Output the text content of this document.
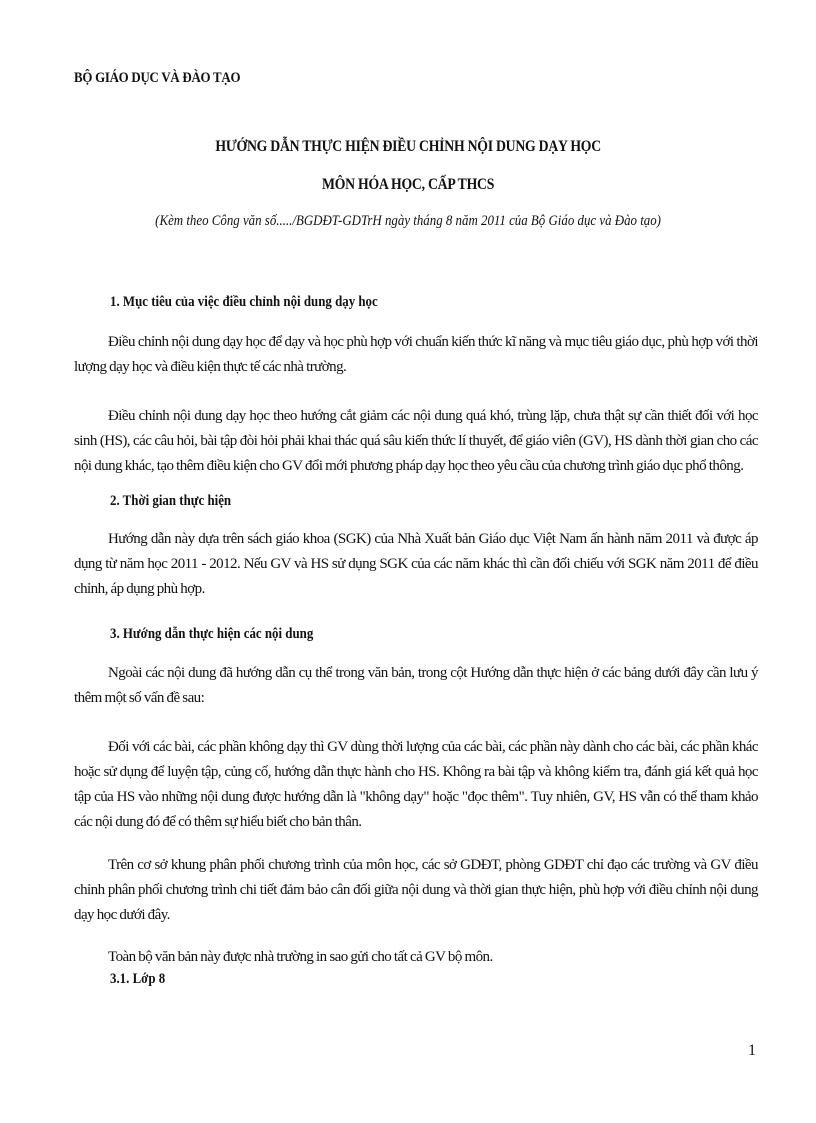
BỘ GIÁO DỤC VÀ ĐÀO TẠO
HƯỚNG DẪN THỰC HIỆN ĐIỀU CHỈNH NỘI DUNG DẠY HỌC
MÔN HÓA HỌC, CẤP THCS
(Kèm theo Công văn số...../BGDĐT-GDTrH ngày tháng 8 năm 2011 của Bộ Giáo dục và Đào tạo)
1. Mục tiêu của việc điều chỉnh nội dung dạy học
Điều chỉnh nội dung dạy học để dạy và học phù hợp với chuẩn kiến thức kĩ năng và mục tiêu giáo dục, phù hợp với thời lượng dạy học và điều kiện thực tế các nhà trường.
Điều chỉnh nội dung dạy học theo hướng cắt giảm các nội dung quá khó, trùng lặp, chưa thật sự cần thiết đối với học sinh (HS), các câu hỏi, bài tập đòi hỏi phải khai thác quá sâu kiến thức lí thuyết, để giáo viên (GV), HS dành thời gian cho các nội dung khác, tạo thêm điều kiện cho GV đổi mới phương pháp dạy học theo yêu cầu của chương trình giáo dục phổ thông.
2. Thời gian thực hiện
Hướng dẫn này dựa trên sách giáo khoa (SGK) của Nhà Xuất bản Giáo dục Việt Nam ấn hành năm 2011 và được áp dụng từ năm học 2011 - 2012. Nếu GV và HS sử dụng SGK của các năm khác thì cần đối chiếu với SGK năm 2011 để điều chỉnh, áp dụng phù hợp.
3. Hướng dẫn thực hiện các nội dung
Ngoài các nội dung đã hướng dẫn cụ thể trong văn bản, trong cột Hướng dẫn thực hiện ở các bảng dưới đây cần lưu ý thêm một số vấn đề sau:
Đối với các bài, các phần không dạy thì GV dùng thời lượng của các bài, các phần này dành cho các bài, các phần khác hoặc sử dụng để luyện tập, củng cố, hướng dẫn thực hành cho HS. Không ra bài tập và không kiểm tra, đánh giá kết quả học tập của HS vào những nội dung được hướng dẫn là "không dạy" hoặc "đọc thêm". Tuy nhiên, GV, HS vẫn có thể tham khảo các nội dung đó để có thêm sự hiểu biết cho bản thân.
Trên cơ sở khung phân phối chương trình của môn học, các sở GDĐT, phòng GDĐT chỉ đạo các trường và GV điều chỉnh phân phối chương trình chi tiết đảm bảo cân đối giữa nội dung và thời gian thực hiện, phù hợp với điều chỉnh nội dung dạy học dưới đây.
Toàn bộ văn bản này được nhà trường in sao gửi cho tất cả GV bộ môn.
3.1. Lớp 8
1
